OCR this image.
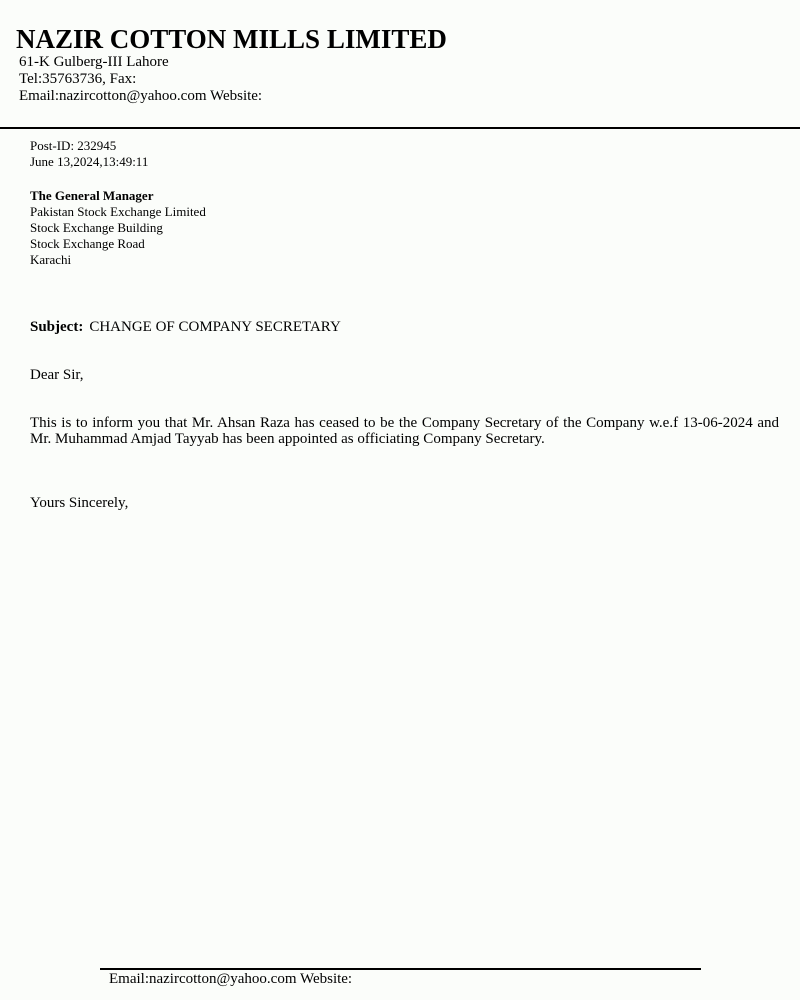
NAZIR COTTON MILLS LIMITED
61-K Gulberg-III Lahore
Tel:35763736, Fax:
Email:nazircotton@yahoo.com Website:
Post-ID: 232945
June 13,2024,13:49:11
The General Manager
Pakistan Stock Exchange Limited
Stock Exchange Building
Stock Exchange Road
Karachi
Subject: CHANGE OF COMPANY SECRETARY
Dear Sir,

This is to inform you that Mr. Ahsan Raza has ceased to be the Company Secretary of the Company w.e.f 13-06-2024 and Mr. Muhammad Amjad Tayyab has been appointed as officiating Company Secretary.

Yours Sincerely,
Email:nazircotton@yahoo.com Website:
